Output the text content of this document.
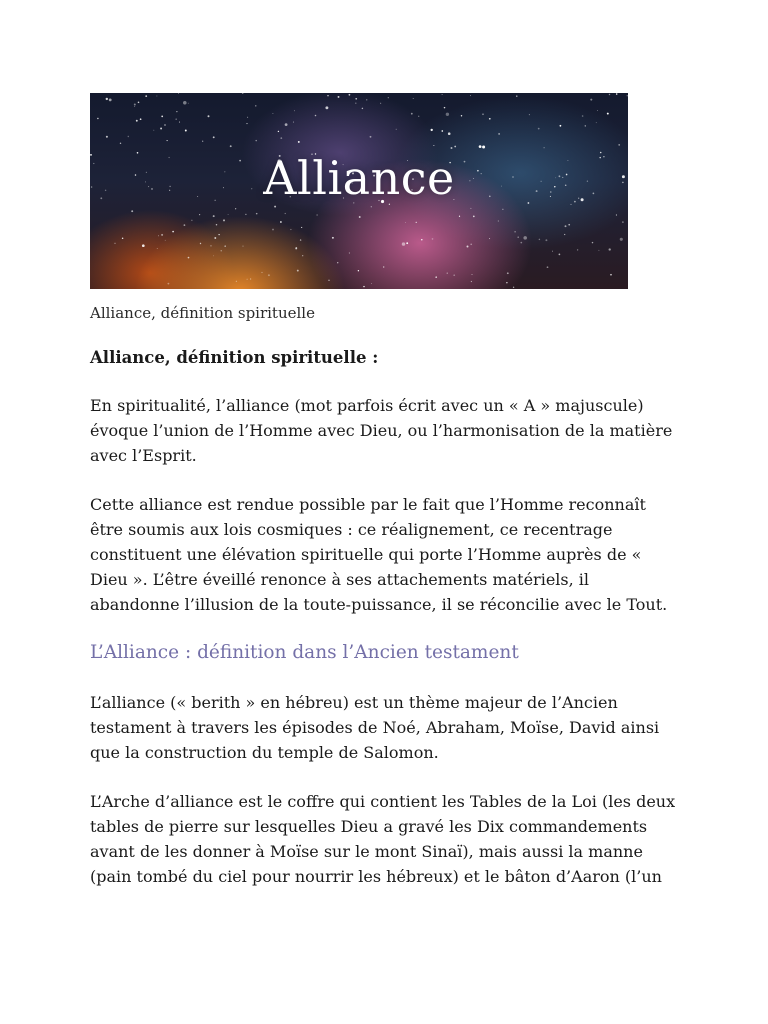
Alliance
Alliance, définition spirituelle
Alliance, définition spirituelle :

En spiritualité, l’alliance (mot parfois écrit avec un « A » majuscule) évoque l’union de l’Homme avec Dieu, ou l’harmonisation de la matière avec l’Esprit.

Cette alliance est rendue possible par le fait que l’Homme reconnaît être soumis aux lois cosmiques : ce réalignement, ce recentrage constituent une élévation spirituelle qui porte l’Homme auprès de « Dieu ». L’être éveillé renonce à ses attachements matériels, il abandonne l’illusion de la toute-puissance, il se réconcilie avec le Tout.

L’Alliance : définition dans l’Ancien testament

L’alliance (« berith » en hébreu) est un thème majeur de l’Ancien testament à travers les épisodes de Noé, Abraham, Moïse, David ainsi que la construction du temple de Salomon.

L’Arche d’alliance est le coffre qui contient les Tables de la Loi (les deux tables de pierre sur lesquelles Dieu a gravé les Dix commandements avant de les donner à Moïse sur le mont Sinaï), mais aussi la manne (pain tombé du ciel pour nourrir les hébreux) et le bâton d’Aaron (l’un
